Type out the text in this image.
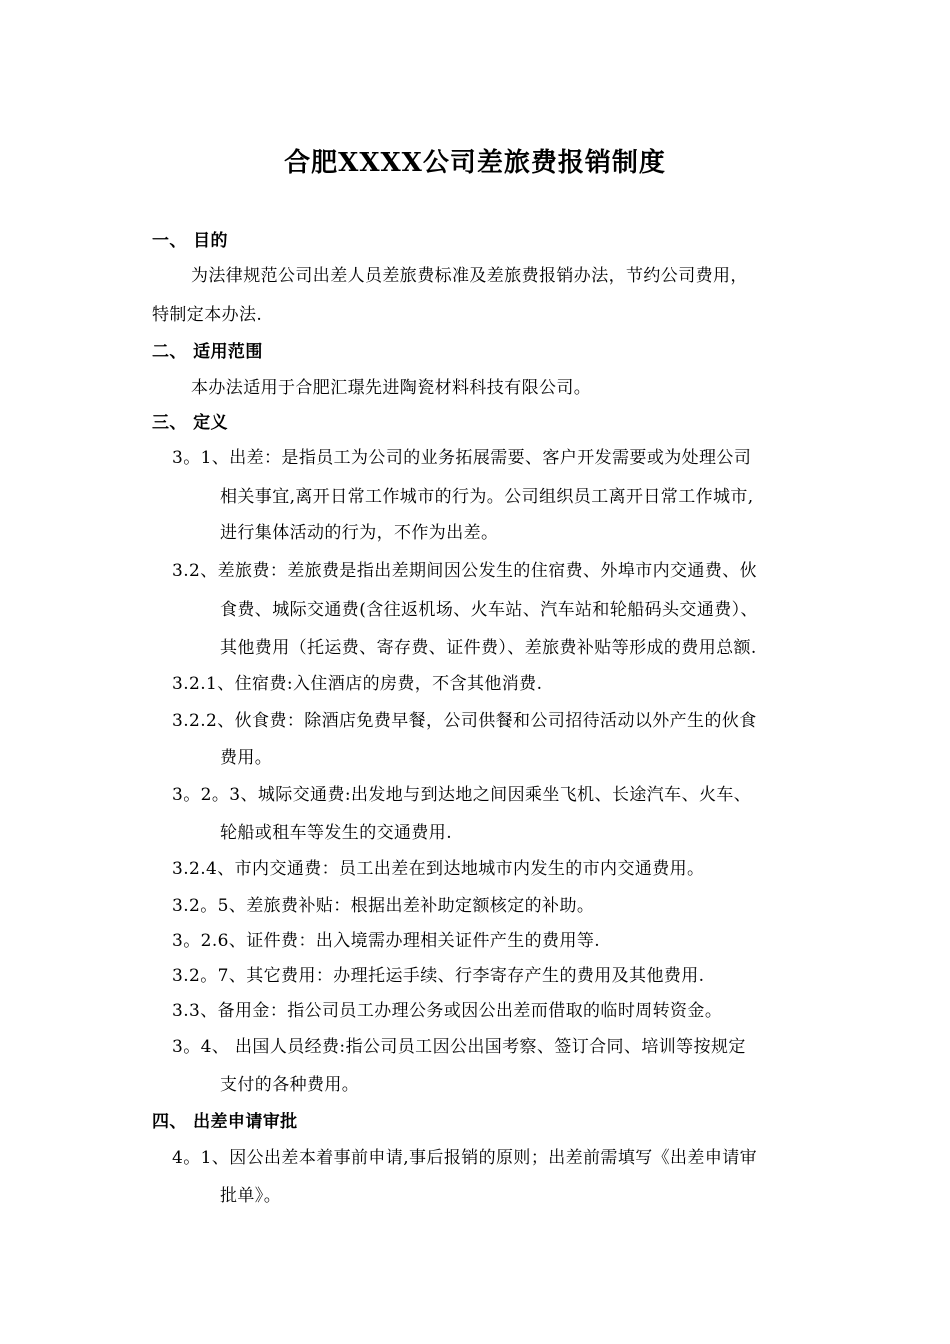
合肥XXXX公司差旅费报销制度
一、 目的
为法律规范公司出差人员差旅费标准及差旅费报销办法，节约公司费用，
特制定本办法.
二、 适用范围
本办法适用于合肥汇璟先进陶瓷材料科技有限公司。
三、 定义
3。1、出差：是指员工为公司的业务拓展需要、客户开发需要或为处理公司
相关事宜,离开日常工作城市的行为。公司组织员工离开日常工作城市,
进行集体活动的行为，不作为出差。
3.2、差旅费：差旅费是指出差期间因公发生的住宿费、外埠市内交通费、伙
食费、城际交通费(含往返机场、火车站、汽车站和轮船码头交通费）、
其他费用（托运费、寄存费、证件费）、差旅费补贴等形成的费用总额.
3.2.1、住宿费:入住酒店的房费，不含其他消费.
3.2.2、伙食费：除酒店免费早餐，公司供餐和公司招待活动以外产生的伙食
费用。
3。2。3、城际交通费:出发地与到达地之间因乘坐飞机、长途汽车、火车、
轮船或租车等发生的交通费用.
3.2.4、市内交通费：员工出差在到达地城市内发生的市内交通费用。
3.2。5、差旅费补贴：根据出差补助定额核定的补助。
3。2.6、证件费：出入境需办理相关证件产生的费用等.
3.2。7、其它费用：办理托运手续、行李寄存产生的费用及其他费用.
3.3、备用金：指公司员工办理公务或因公出差而借取的临时周转资金。
3。4、 出国人员经费:指公司员工因公出国考察、签订合同、培训等按规定
支付的各种费用。
四、 出差申请审批
4。1、因公出差本着事前申请,事后报销的原则；出差前需填写《出差申请审
批单》。
